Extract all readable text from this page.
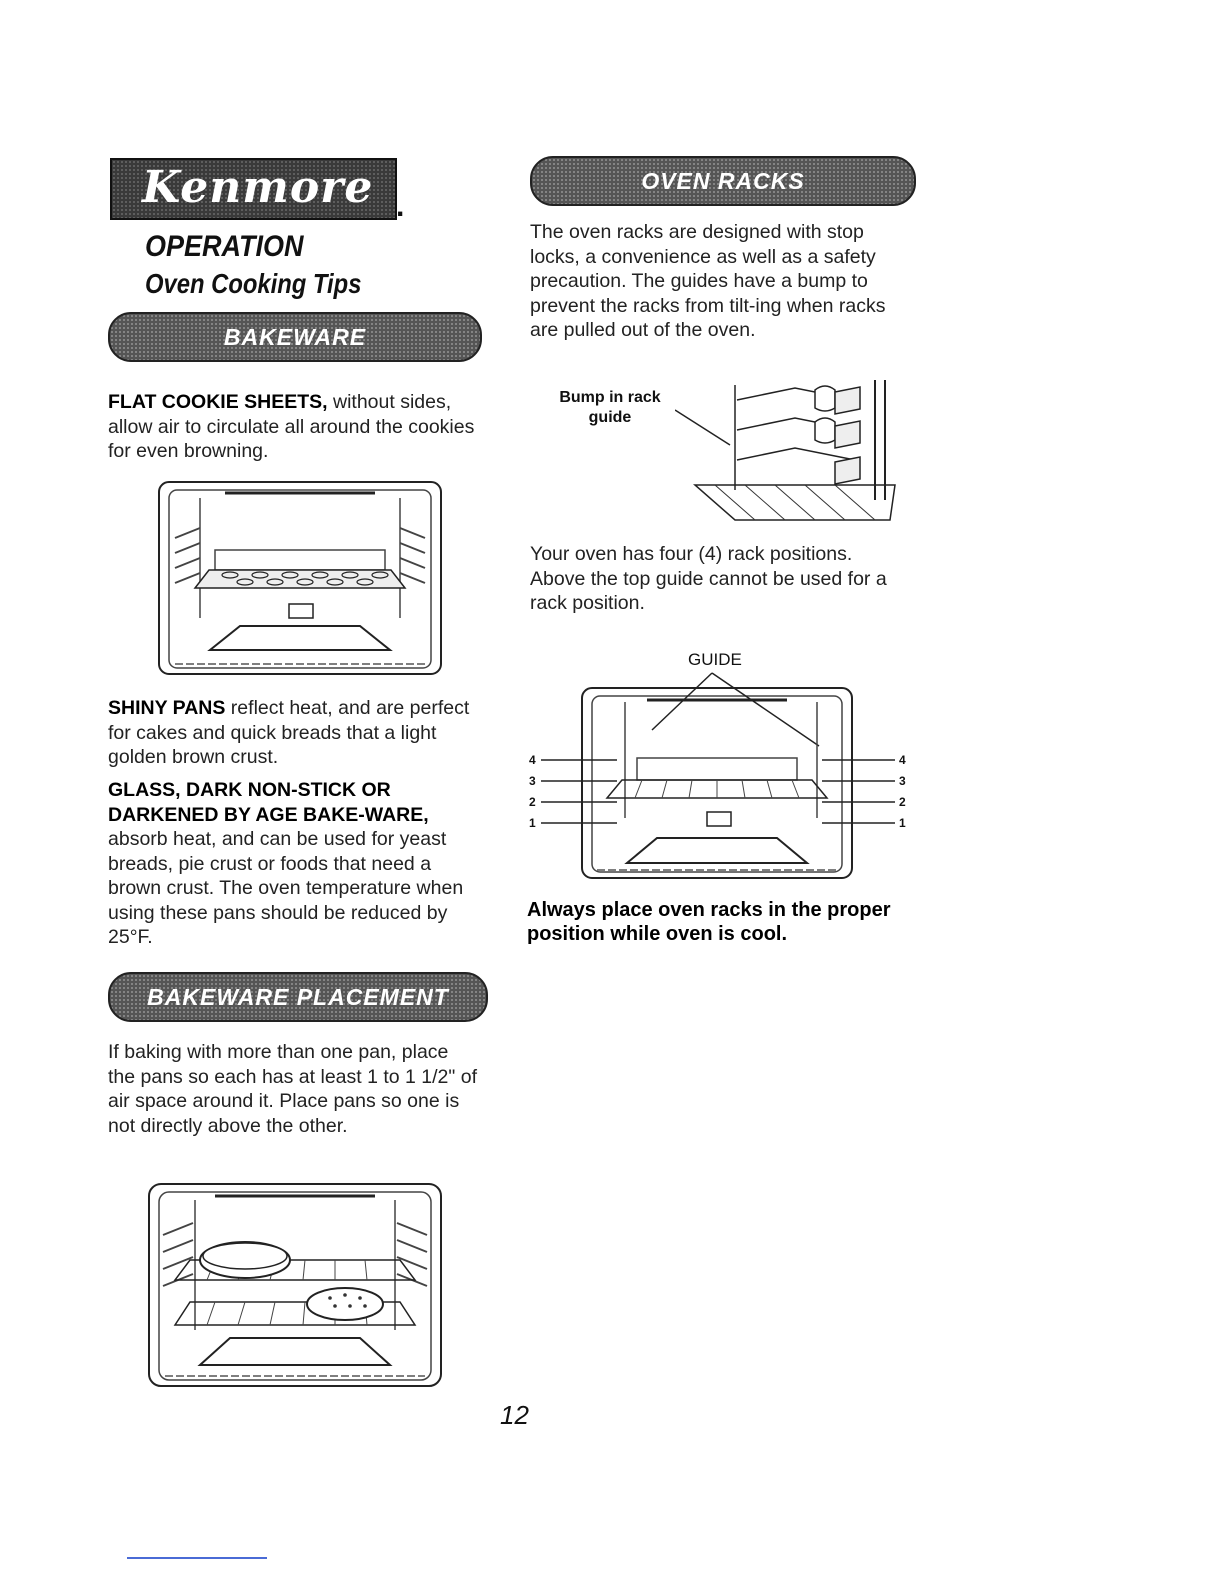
Kenmore .
OPERATION
Oven Cooking Tips
BAKEWARE

FLAT COOKIE SHEETS, without sides, allow air to circulate all around the cookies for even browning.

SHINY PANS reflect heat, and are perfect for cakes and quick breads that a light golden brown crust.

GLASS, DARK NON-STICK OR DARKENED BY AGE BAKE-WARE, absorb heat, and can be used for yeast breads, pie crust or foods that need a brown crust. The oven temperature when using these pans should be reduced by 25°F.

BAKEWARE PLACEMENT

If baking with more than one pan, place the pans so each has at least 1 to 1 1/2" of air space around it. Place pans so one is not directly above the other.

OVEN RACKS

The oven racks are designed with stop locks, a convenience as well as a safety precaution. The guides have a bump to prevent the racks from tilt-ing when racks are pulled out of the oven.

Bump in rack guide

Your oven has four (4) rack positions. Above the top guide cannot be used for a rack position.

GUIDE
4
3
2
1
4
3
2
1
Always place oven racks in the proper position while oven is cool.
12
